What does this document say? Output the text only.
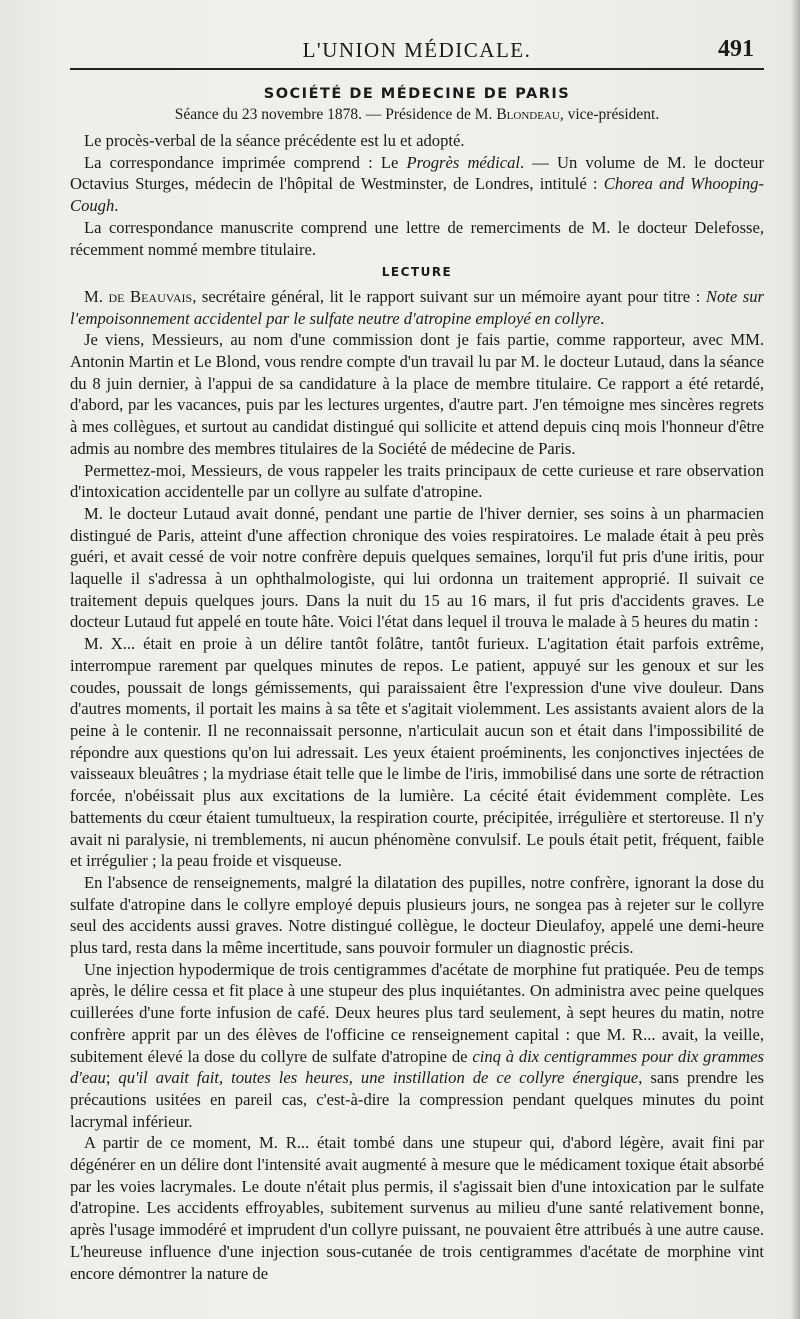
L'UNION MÉDICALE.	491
SOCIÉTÉ DE MÉDECINE DE PARIS
Séance du 23 novembre 1878. — Présidence de M. Blondeau, vice-président.

Le procès-verbal de la séance précédente est lu et adopté.

La correspondance imprimée comprend : Le Progrès médical. — Un volume de M. le docteur Octavius Sturges, médecin de l'hôpital de Westminster, de Londres, intitulé : Chorea and Whooping-Cough.

La correspondance manuscrite comprend une lettre de remerciments de M. le docteur Delefosse, récemment nommé membre titulaire.

LECTURE

M. de Beauvais, secrétaire général, lit le rapport suivant sur un mémoire ayant pour titre : Note sur l'empoisonnement accidentel par le sulfate neutre d'atropine employé en collyre.

Je viens, Messieurs, au nom d'une commission dont je fais partie, comme rapporteur, avec MM. Antonin Martin et Le Blond, vous rendre compte d'un travail lu par M. le docteur Lutaud, dans la séance du 8 juin dernier, à l'appui de sa candidature à la place de membre titulaire. Ce rapport a été retardé, d'abord, par les vacances, puis par les lectures urgentes, d'autre part. J'en témoigne mes sincères regrets à mes collègues, et surtout au candidat distingué qui sollicite et attend depuis cinq mois l'honneur d'être admis au nombre des membres titulaires de la Société de médecine de Paris.

Permettez-moi, Messieurs, de vous rappeler les traits principaux de cette curieuse et rare observation d'intoxication accidentelle par un collyre au sulfate d'atropine.

M. le docteur Lutaud avait donné, pendant une partie de l'hiver dernier, ses soins à un pharmacien distingué de Paris, atteint d'une affection chronique des voies respiratoires. Le malade était à peu près guéri, et avait cessé de voir notre confrère depuis quelques semaines, lorqu'il fut pris d'une iritis, pour laquelle il s'adressa à un ophthalmologiste, qui lui ordonna un traitement approprié. Il suivait ce traitement depuis quelques jours. Dans la nuit du 15 au 16 mars, il fut pris d'accidents graves. Le docteur Lutaud fut appelé en toute hâte. Voici l'état dans lequel il trouva le malade à 5 heures du matin :

M. X... était en proie à un délire tantôt folâtre, tantôt furieux. L'agitation était parfois extrême, interrompue rarement par quelques minutes de repos. Le patient, appuyé sur les genoux et sur les coudes, poussait de longs gémissements, qui paraissaient être l'expression d'une vive douleur. Dans d'autres moments, il portait les mains à sa tête et s'agitait violemment. Les assistants avaient alors de la peine à le contenir. Il ne reconnaissait personne, n'articulait aucun son et était dans l'impossibilité de répondre aux questions qu'on lui adressait. Les yeux étaient proéminents, les conjonctives injectées de vaisseaux bleuâtres ; la mydriase était telle que le limbe de l'iris, immobilisé dans une sorte de rétraction forcée, n'obéissait plus aux excitations de la lumière. La cécité était évidemment complète. Les battements du cœur étaient tumultueux, la respiration courte, précipitée, irrégulière et stertoreuse. Il n'y avait ni paralysie, ni tremblements, ni aucun phénomène convulsif. Le pouls était petit, fréquent, faible et irrégulier ; la peau froide et visqueuse.

En l'absence de renseignements, malgré la dilatation des pupilles, notre confrère, ignorant la dose du sulfate d'atropine dans le collyre employé depuis plusieurs jours, ne songea pas à rejeter sur le collyre seul des accidents aussi graves. Notre distingué collègue, le docteur Dieulafoy, appelé une demi-heure plus tard, resta dans la même incertitude, sans pouvoir formuler un diagnostic précis.

Une injection hypodermique de trois centigrammes d'acétate de morphine fut pratiquée. Peu de temps après, le délire cessa et fit place à une stupeur des plus inquiétantes. On administra avec peine quelques cuillerées d'une forte infusion de café. Deux heures plus tard seulement, à sept heures du matin, notre confrère apprit par un des élèves de l'officine ce renseignement capital : que M. R... avait, la veille, subitement élevé la dose du collyre de sulfate d'atropine de cinq à dix centigrammes pour dix grammes d'eau; qu'il avait fait, toutes les heures, une instillation de ce collyre énergique, sans prendre les précautions usitées en pareil cas, c'est-à-dire la compression pendant quelques minutes du point lacrymal inférieur.

A partir de ce moment, M. R... était tombé dans une stupeur qui, d'abord légère, avait fini par dégénérer en un délire dont l'intensité avait augmenté à mesure que le médicament toxique était absorbé par les voies lacrymales. Le doute n'était plus permis, il s'agissait bien d'une intoxication par le sulfate d'atropine. Les accidents effroyables, subitement survenus au milieu d'une santé relativement bonne, après l'usage immodéré et imprudent d'un collyre puissant, ne pouvaient être attribués à une autre cause. L'heureuse influence d'une injection sous-cutanée de trois centigrammes d'acétate de morphine vint encore démontrer la nature de
